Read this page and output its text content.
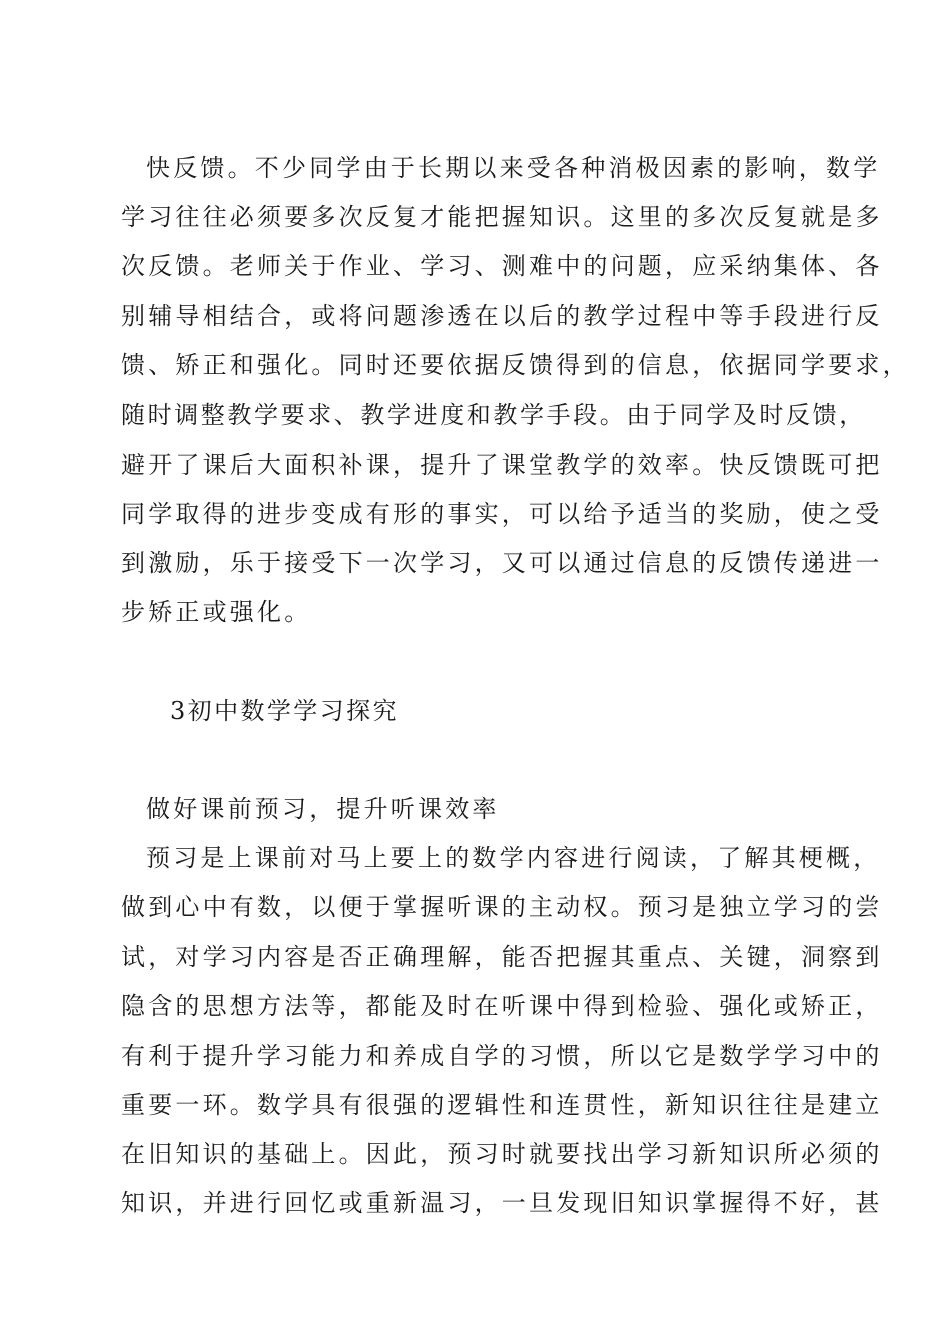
快反馈。不少同学由于长期以来受各种消极因素的影响，数学
学习往往必须要多次反复才能把握知识。这里的多次反复就是多
次反馈。老师关于作业、学习、测难中的问题，应采纳集体、各
别辅导相结合，或将问题渗透在以后的教学过程中等手段进行反
馈、矫正和强化。同时还要依据反馈得到的信息，依据同学要求，
随时调整教学要求、教学进度和教学手段。由于同学及时反馈，
避开了课后大面积补课，提升了课堂教学的效率。快反馈既可把
同学取得的进步变成有形的事实，可以给予适当的奖励，使之受
到激励，乐于接受下一次学习，又可以通过信息的反馈传递进一
步矫正或强化。
3初中数学学习探究
做好课前预习，提升听课效率
预习是上课前对马上要上的数学内容进行阅读，了解其梗概，
做到心中有数，以便于掌握听课的主动权。预习是独立学习的尝
试，对学习内容是否正确理解，能否把握其重点、关键，洞察到
隐含的思想方法等，都能及时在听课中得到检验、强化或矫正，
有利于提升学习能力和养成自学的习惯，所以它是数学学习中的
重要一环。数学具有很强的逻辑性和连贯性，新知识往往是建立
在旧知识的基础上。因此，预习时就要找出学习新知识所必须的
知识，并进行回忆或重新温习，一旦发现旧知识掌握得不好，甚
